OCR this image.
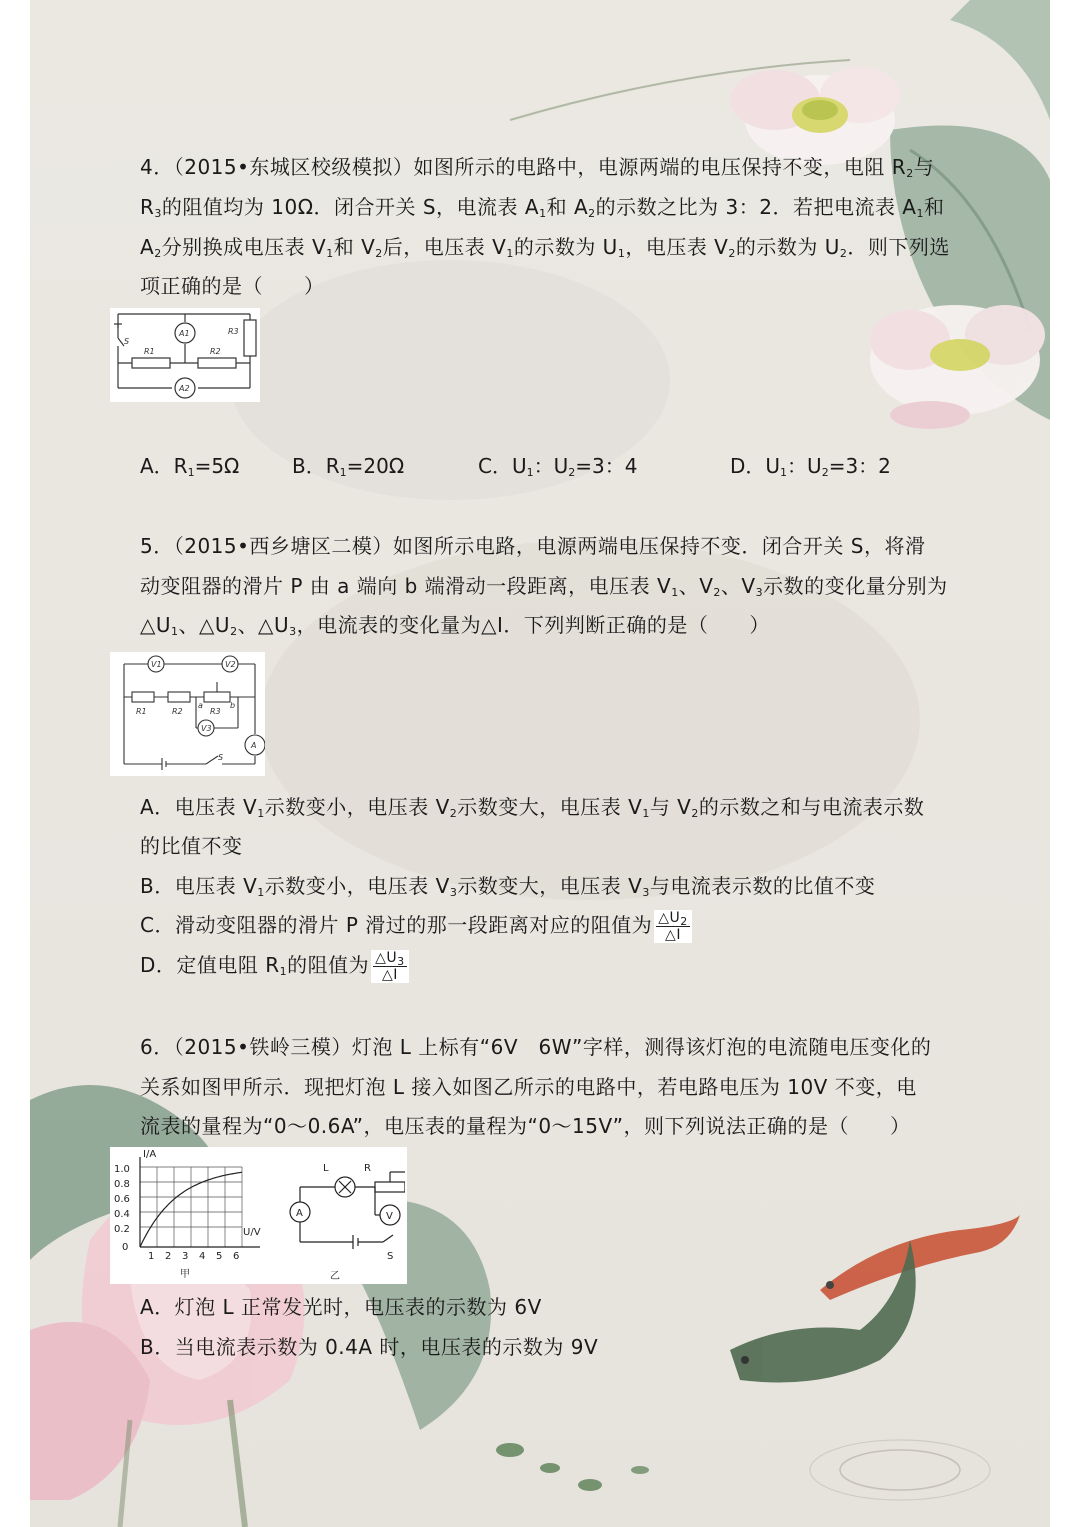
4．（2015•东城区校级模拟）如图所示的电路中，电源两端的电压保持不变，电阻 $R_2$与
$R_3$的阻值均为 10Ω．闭合开关 S，电流表 $A_1$和 $A_2$的示数之比为 3：2．若把电流表 $A_1$和
$A_2$分别换成电压表 $V_1$和 $V_2$后，电压表 $V_1$的示数为 $U_1$，电压表 $V_2$的示数为 $U_2$．则下列选
项正确的是（　　）
S
R1	R2
R3
A1
A2
A．$R_1=5\Omega$	B．$R_1=20\Omega$	C．$U_1$：$U_2=3$：4	D．$U_1$：$U_2=3$：2
5．（2015•西乡塘区二模）如图所示电路，电源两端电压保持不变．闭合开关 S，将滑
动变阻器的滑片 P 由 a 端向 b 端滑动一段距离，电压表 $V_1$、$V_2$、$V_3$示数的变化量分别为
$\triangle U_1$、$\triangle U_2$、$\triangle U_3$，电流表的变化量为△I．下列判断正确的是（　　）
V1	V2
V3
A
R1	R2	R3
a	b
S
A．电压表 $V_1$示数变小，电压表 $V_2$示数变大，电压表 $V_1$与 $V_2$的示数之和与电流表示数
的比值不变
B．电压表 $V_1$示数变小，电压表 $V_3$示数变大，电压表 $V_3$与电流表示数的比值不变
C．滑动变阻器的滑片 P 滑过的那一段距离对应的阻值为 $\frac{\triangle U_2}{\triangle I}$
D．定值电阻 $R_1$的阻值为 $\frac{\triangle U_3}{\triangle I}$
6．（2015•铁岭三模）灯泡 L 上标有“6V　6W”字样，测得该灯泡的电流随电压变化的
关系如图甲所示．现把灯泡 L 接入如图乙所示的电路中，若电路电压为 10V 不变，电
流表的量程为“0～0.6A”，电压表的量程为“0～15V”，则下列说法正确的是（　　）
I/A
U/V
1.0
0.8
0.6
0.4
0.2
0
1 2 3 4 5 6
甲
L	R
A	V
S
乙
A．灯泡 L 正常发光时，电压表的示数为 6V
B．当电流表示数为 0.4A 时，电压表的示数为 9V
